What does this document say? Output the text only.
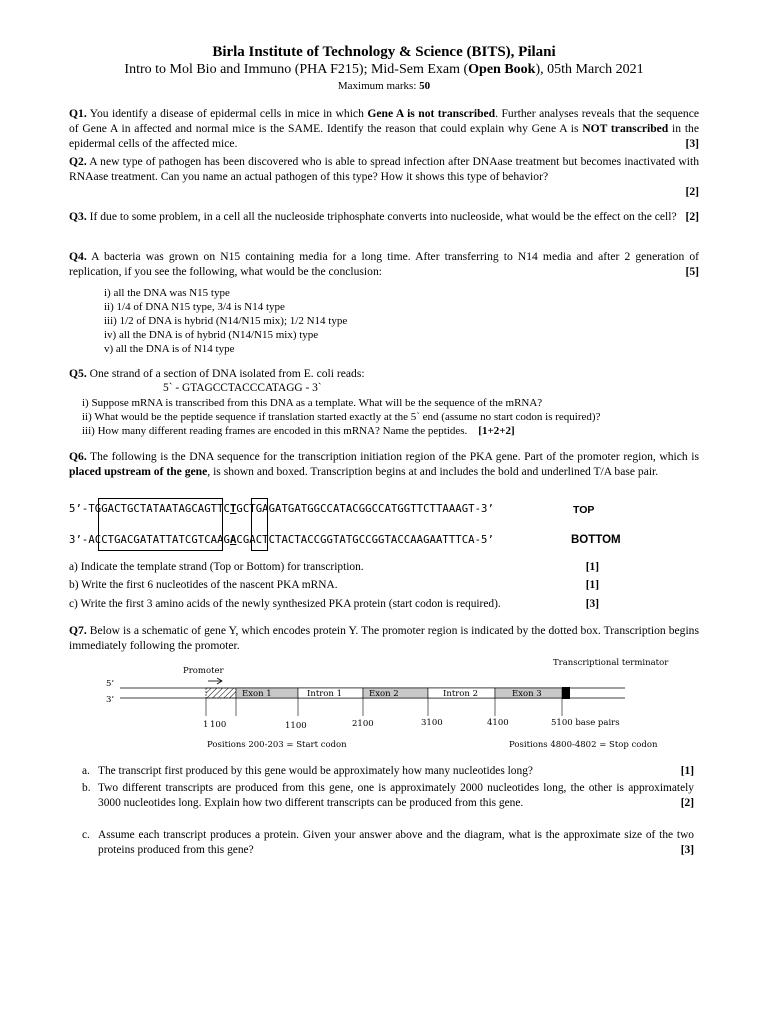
Birla Institute of Technology & Science (BITS), Pilani
Intro to Mol Bio and Immuno (PHA F215); Mid-Sem Exam (Open Book), 05th March 2021
Maximum marks: 50
Q1. You identify a disease of epidermal cells in mice in which Gene A is not transcribed. Further analyses reveals that the sequence of Gene A in affected and normal mice is the SAME. Identify the reason that could explain why Gene A is NOT transcribed in the epidermal cells of the affected mice.	[3]
Q2. A new type of pathogen has been discovered who is able to spread infection after DNAase treatment but becomes inactivated with RNAase treatment. Can you name an actual pathogen of this type? How it shows this type of behavior?
[2]
Q3. If due to some problem, in a cell all the nucleoside triphosphate converts into nucleoside, what would be the effect on the cell? [2]
Q4. A bacteria was grown on N15 containing media for a long time. After transferring to N14 media and after 2 generation of replication, if you see the following, what would be the conclusion:	[5]
i) all the DNA was N15 type
ii) 1/4 of DNA N15 type, 3/4 is N14 type
iii) 1/2 of DNA is hybrid (N14/N15 mix); 1/2 N14 type
iv) all the DNA is of hybrid (N14/N15 mix) type
v) all the DNA is of N14 type
Q5. One strand of a section of DNA isolated from E. coli reads:
5` - GTAGCCTACCCATAGG - 3`
i) Suppose mRNA is transcribed from this DNA as a template. What will be the sequence of the mRNA?
ii) What would be the peptide sequence if translation started exactly at the 5` end (assume no start codon is required)?
iii) How many different reading frames are encoded in this mRNA? Name the peptides. [1+2+2]
Q6. The following is the DNA sequence for the transcription initiation region of the PKA gene. Part of the promoter region, which is placed upstream of the gene, is shown and boxed. Transcription begins at and includes the bold and underlined T/A base pair.
5’-TGGACTGCTATAATAGCAGTTCTGCTGAGATGATGGCCATACGGCCATGGTTCTTAAAGT-3’	TOP
3’-ACCTGACGATATTATCGTCAAGACGACTCTACTACCGGTATGCCGGTACCAAGAATTTCA-5’	BOTTOM
a) Indicate the template strand (Top or Bottom) for transcription.	[1]
b) Write the first 6 nucleotides of the nascent PKA mRNA.	[1]
c) Write the first 3 amino acids of the newly synthesized PKA protein (start codon is required).	[3]
Q7. Below is a schematic of gene Y, which encodes protein Y. The promoter region is indicated by the dotted box. Transcription begins immediately following the promoter.
Transcriptional terminator
Promoter
5’
3’
Exon 1	Intron 1	Exon 2	Intron 2	Exon 3
1 100	1100	2100	3100	4100	5100 base pairs
Positions 200-203 = Start codon	Positions 4800-4802 = Stop codon
a. The transcript first produced by this gene would be approximately how many nucleotides long?	[1]
b. Two different transcripts are produced from this gene, one is approximately 2000 nucleotides long, the other is approximately 3000 nucleotides long. Explain how two different transcripts can be produced from this gene.	[2]
c. Assume each transcript produces a protein. Given your answer above and the diagram, what is the approximate size of the two proteins produced from this gene?	[3]
